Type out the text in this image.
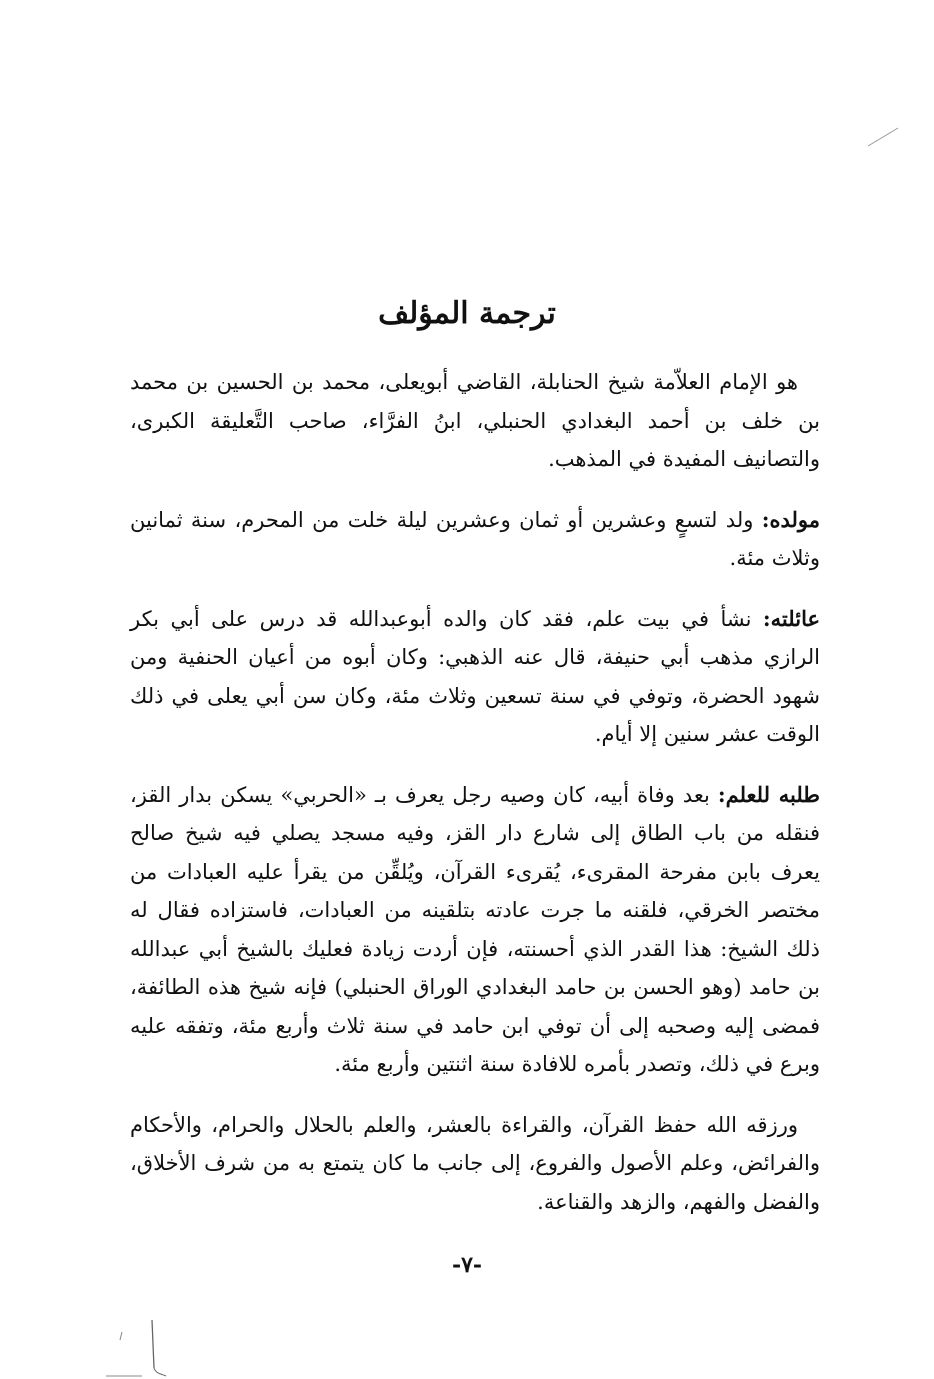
ترجمة المؤلف

هو الإمام العلاّمة شيخ الحنابلة، القاضي أبويعلى، محمد بن الحسين بن محمد بن خلف بن أحمد البغدادي الحنبلي، ابنُ الفرَّاء، صاحب التَّعليقة الكبرى، والتصانيف المفيدة في المذهب.

مولده: ولد لتسعٍ وعشرين أو ثمان وعشرين ليلة خلت من المحرم، سنة ثمانين وثلاث مئة.

عائلته: نشأ في بيت علم، فقد كان والده أبوعبدالله قد درس على أبي بكر الرازي مذهب أبي حنيفة، قال عنه الذهبي: وكان أبوه من أعيان الحنفية ومن شهود الحضرة، وتوفي في سنة تسعين وثلاث مئة، وكان سن أبي يعلى في ذلك الوقت عشر سنين إلا أيام.

طلبه للعلم: بعد وفاة أبيه، كان وصيه رجل يعرف بـ «الحربي» يسكن بدار القز، فنقله من باب الطاق إلى شارع دار القز، وفيه مسجد يصلي فيه شيخ صالح يعرف بابن مفرحة المقرىء، يُقرىء القرآن، ويُلقِّن من يقرأ عليه العبادات من مختصر الخرقي، فلقنه ما جرت عادته بتلقينه من العبادات، فاستزاده فقال له ذلك الشيخ: هذا القدر الذي أحسنته، فإن أردت زيادة فعليك بالشيخ أبي عبدالله بن حامد (وهو الحسن بن حامد البغدادي الوراق الحنبلي) فإنه شيخ هذه الطائفة، فمضى إليه وصحبه إلى أن توفي ابن حامد في سنة ثلاث وأربع مئة، وتفقه عليه وبرع في ذلك، وتصدر بأمره للافادة سنة اثنتين وأربع مئة.

ورزقه الله حفظ القرآن، والقراءة بالعشر، والعلم بالحلال والحرام، والأحكام والفرائض، وعلم الأصول والفروع، إلى جانب ما كان يتمتع به من شرف الأخلاق، والفضل والفهم، والزهد والقناعة.

-٧-
